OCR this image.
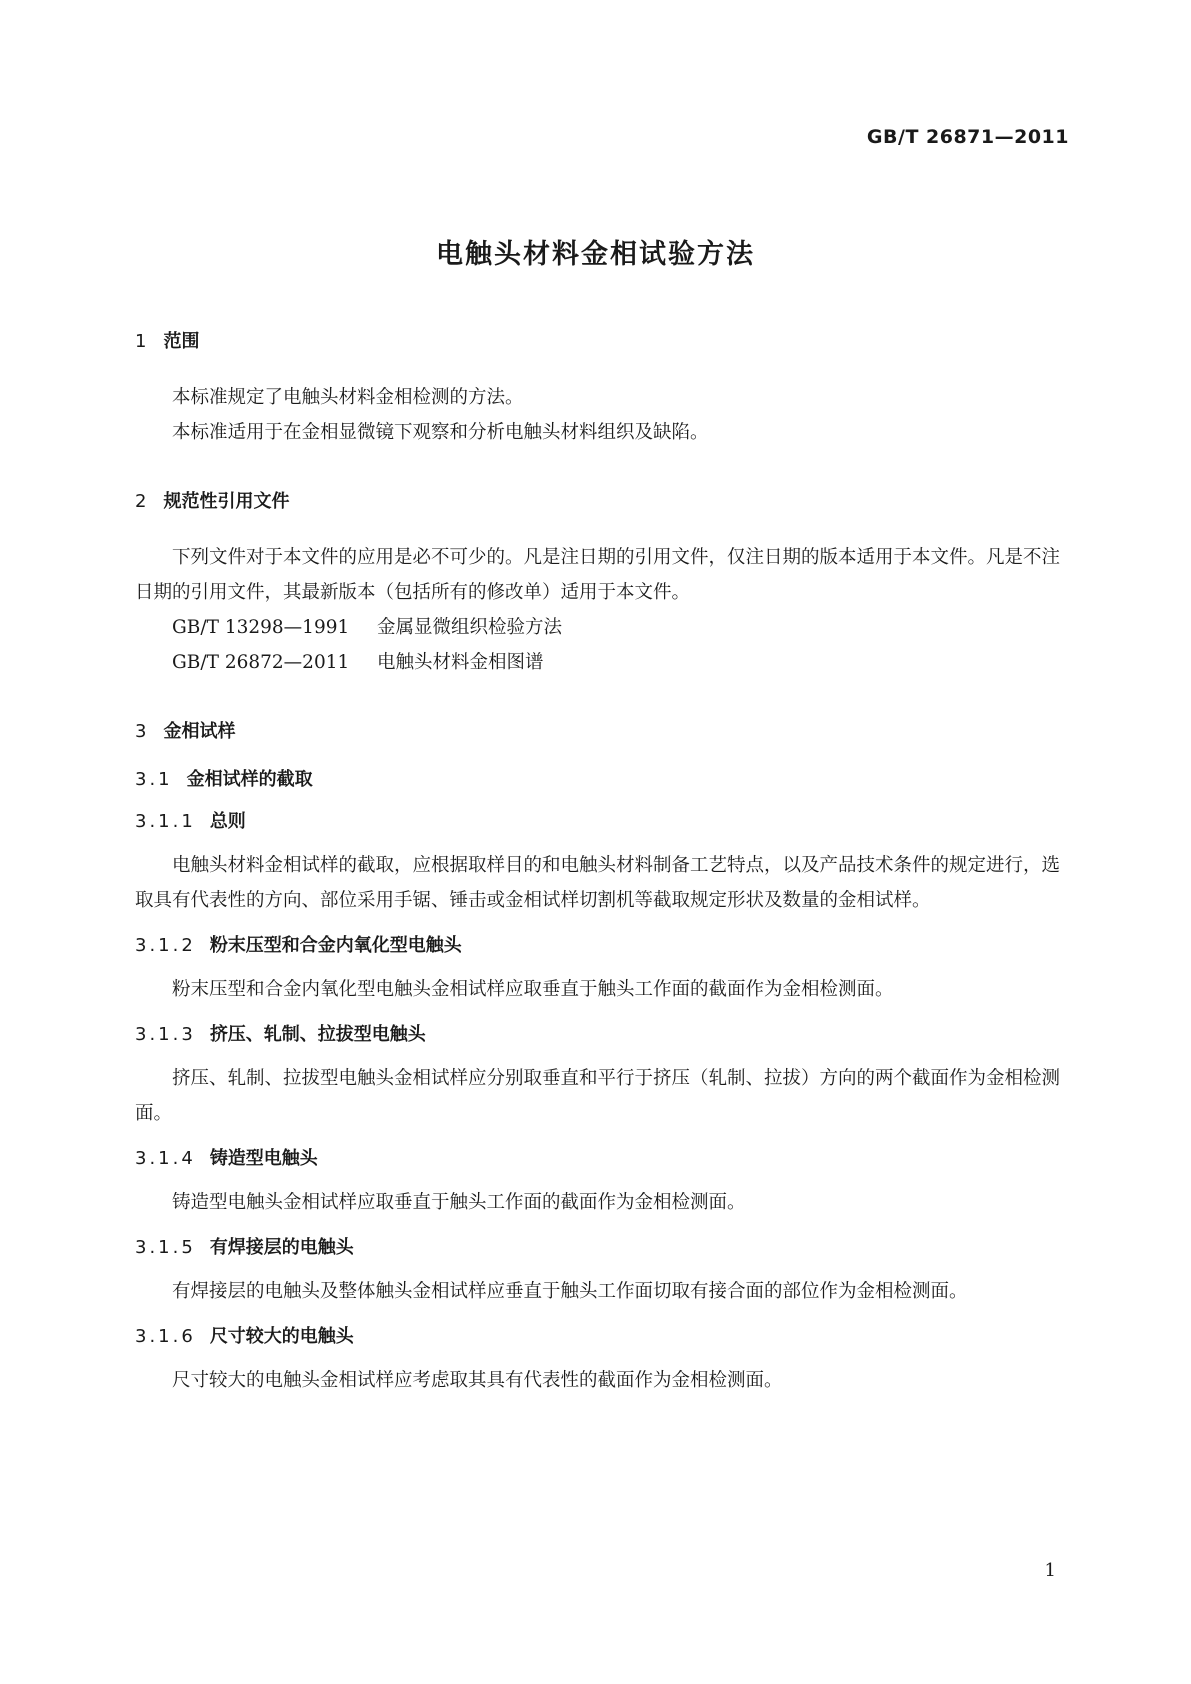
GB/T 26871—2011
电触头材料金相试验方法
1 范围

本标准规定了电触头材料金相检测的方法。

本标准适用于在金相显微镜下观察和分析电触头材料组织及缺陷。

2 规范性引用文件

下列文件对于本文件的应用是必不可少的。凡是注日期的引用文件，仅注日期的版本适用于本文件。凡是不注日期的引用文件，其最新版本（包括所有的修改单）适用于本文件。

GB/T 13298—1991 金属显微组织检验方法

GB/T 26872—2011 电触头材料金相图谱

3 金相试样
3.1 金相试样的截取
3.1.1 总则

电触头材料金相试样的截取，应根据取样目的和电触头材料制备工艺特点，以及产品技术条件的规定进行，选取具有代表性的方向、部位采用手锯、锤击或金相试样切割机等截取规定形状及数量的金相试样。

3.1.2 粉末压型和合金内氧化型电触头

粉末压型和合金内氧化型电触头金相试样应取垂直于触头工作面的截面作为金相检测面。

3.1.3 挤压、轧制、拉拔型电触头

挤压、轧制、拉拔型电触头金相试样应分别取垂直和平行于挤压（轧制、拉拔）方向的两个截面作为金相检测面。

3.1.4 铸造型电触头

铸造型电触头金相试样应取垂直于触头工作面的截面作为金相检测面。

3.1.5 有焊接层的电触头

有焊接层的电触头及整体触头金相试样应垂直于触头工作面切取有接合面的部位作为金相检测面。

3.1.6 尺寸较大的电触头

尺寸较大的电触头金相试样应考虑取其具有代表性的截面作为金相检测面。

1
